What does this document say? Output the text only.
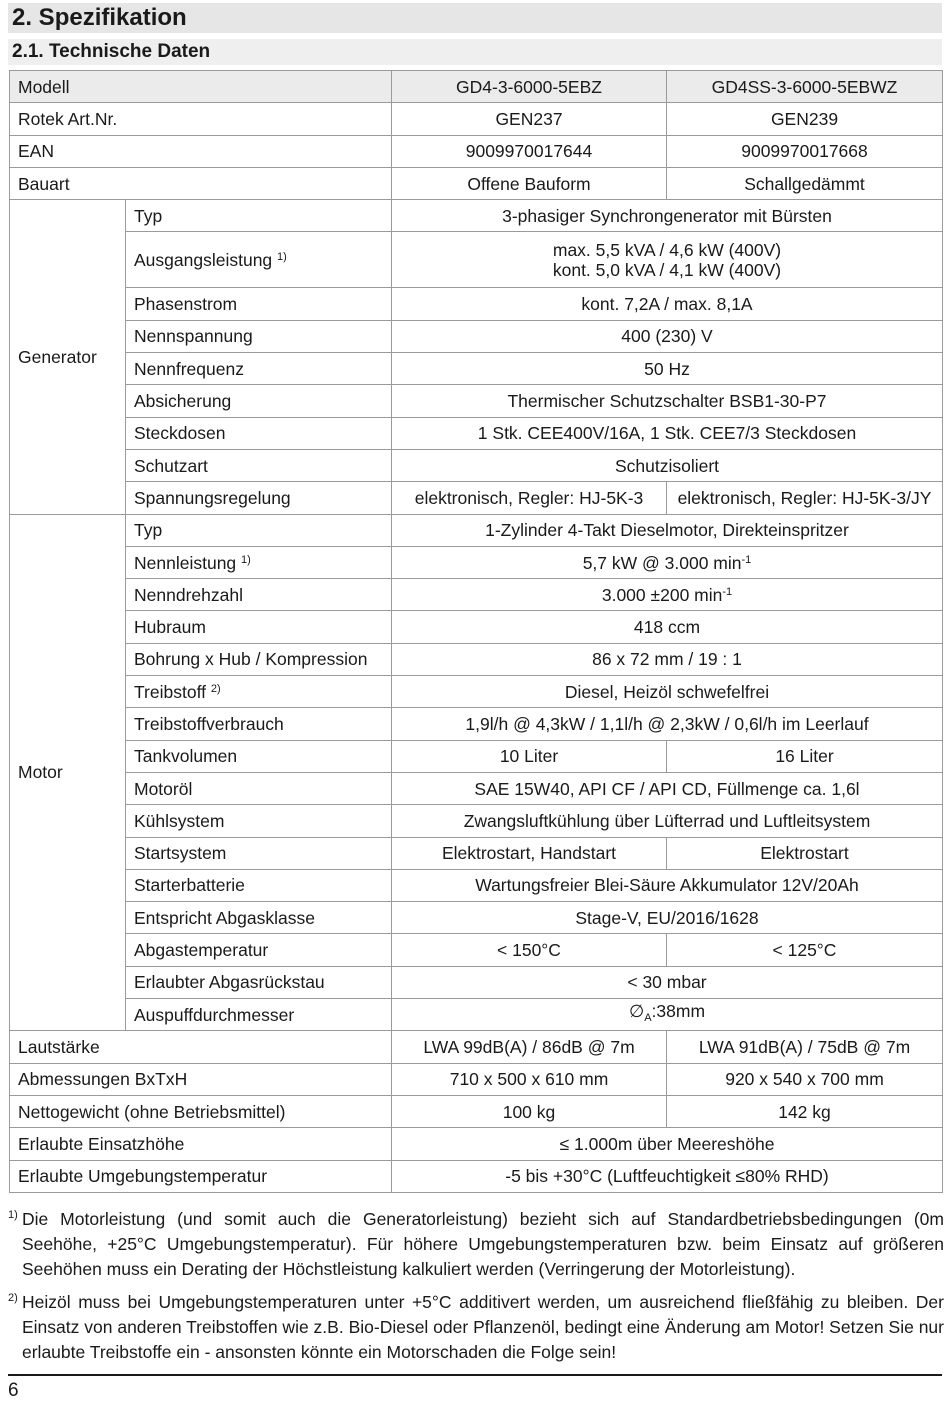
2. Spezifikation
2.1. Technische Daten
Modell		GD4-3-6000-5EBZ	GD4SS-3-6000-5EBWZ
Rotek Art.Nr.		GEN237	GEN239
EAN		9009970017644	9009970017668
Bauart		Offene Bauform	Schallgedämmt
Generator	Typ	3-phasiger Synchrongenerator mit Bürsten	
	Ausgangsleistung $^{1)}$	max. 5,5 kVA / 4,6 kW (400V)
kont. 5,0 kVA / 4,1 kW (400V)	

	Phasenstrom	kont. 7,2A / max. 8,1A	
	Nennspannung	400 (230) V	
	Nennfrequenz	50 Hz	
	Absicherung	Thermischer Schutzschalter BSB1-30-P7	
	Steckdosen	1 Stk. CEE400V/16A, 1 Stk. CEE7/3 Steckdosen	
	Schutzart	Schutzisoliert	
	Spannungsregelung	elektronisch, Regler: HJ-5K-3	elektronisch, Regler: HJ-5K-3/JY
Motor	Typ	1-Zylinder 4-Takt Dieselmotor, Direkteinspritzer	
	Nennleistung $^{1)}$	5,7 kW @ 3.000 $\min^{-1}$
	Nenndrehzahl	3.000 ±200 $\min^{-1}$
	Hubraum	418 ccm	
	Bohrung x Hub / Kompression	86 x 72 mm / 19 : 1	
	Treibstoff $^{2)}$	Diesel, Heizöl schwefelfrei	
	Treibstoffverbrauch	1,9l/h @ 4,3kW / 1,1l/h @ 2,3kW / 0,6l/h im Leerlauf	
	Tankvolumen	10 Liter	16 Liter
	Motoröl	SAE 15W40, API CF / API CD, Füllmenge ca. 1,6l	
	Kühlsystem	Zwangsluftkühlung über Lüfterrad und Luftleitsystem	
	Startsystem	Elektrostart, Handstart	Elektrostart
	Starterbatterie	Wartungsfreier Blei-Säure Akkumulator 12V/20Ah	
	Entspricht Abgasklasse	Stage-V, EU/2016/1628	
	Abgastemperatur	< 150°C	< 125°C
	Erlaubter Abgasrückstau	< 30 mbar	
	Auspuffdurchmesser	$\emptyset_A:38mm$	
Lautstärke		LWA 99dB(A) / 86dB @ 7m	LWA 91dB(A) / 75dB @ 7m
Abmessungen BxTxH		710 x 500 x 610 mm	920 x 540 x 700 mm
Nettogewicht (ohne Betriebsmittel)		100 kg	142 kg
Erlaubte Einsatzhöhe		≤ 1.000m über Meereshöhe	
Erlaubte Umgebungstemperatur		-5 bis +30°C (Luftfeuchtigkeit ≤80% RHD)	
1) Die Motorleistung (und somit auch die Generatorleistung) bezieht sich auf Standardbetriebsbedingungen (0m Seehöhe, +25°C Umgebungstemperatur). Für höhere Umgebungstemperaturen bzw. beim Einsatz auf größeren Seehöhen muss ein Derating der Höchstleistung kalkuliert werden (Verringerung der Motorleistung).
2) Heizöl muss bei Umgebungstemperaturen unter +5°C additivert werden, um ausreichend fließfähig zu bleiben. Der Einsatz von anderen Treibstoffen wie z.B. Bio-Diesel oder Pflanzenöl, bedingt eine Änderung am Motor! Setzen Sie nur erlaubte Treibstoffe ein - ansonsten könnte ein Motorschaden die Folge sein!
6
